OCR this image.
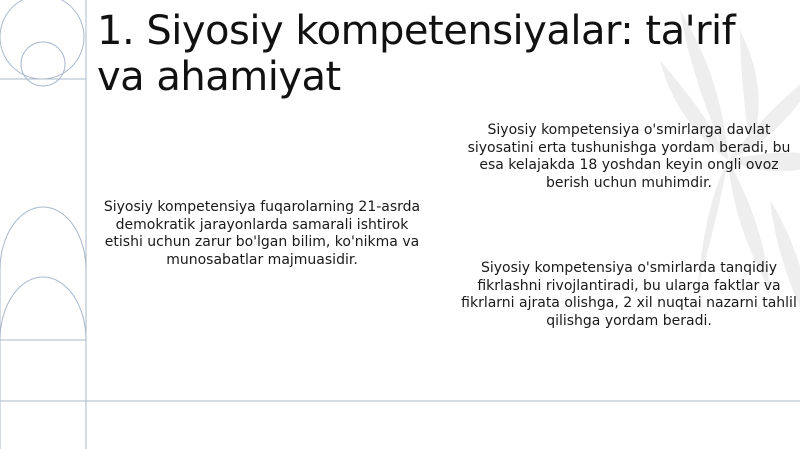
1. Siyosiy kompetensiyalar: ta'rif va ahamiyat

Siyosiy kompetensiya fuqarolarning 21-asrda demokratik jarayonlarda samarali ishtirok etishi uchun zarur bo'lgan bilim, ko'nikma va munosabatlar majmuasidir.

Siyosiy kompetensiya o'smirlarga davlat siyosatini erta tushunishga yordam beradi, bu esa kelajakda 18 yoshdan keyin ongli ovoz berish uchun muhimdir.

Siyosiy kompetensiya o'smirlarda tanqidiy fikrlashni rivojlantiradi, bu ularga faktlar va fikrlarni ajrata olishga, 2 xil nuqtai nazarni tahlil qilishga yordam beradi.
